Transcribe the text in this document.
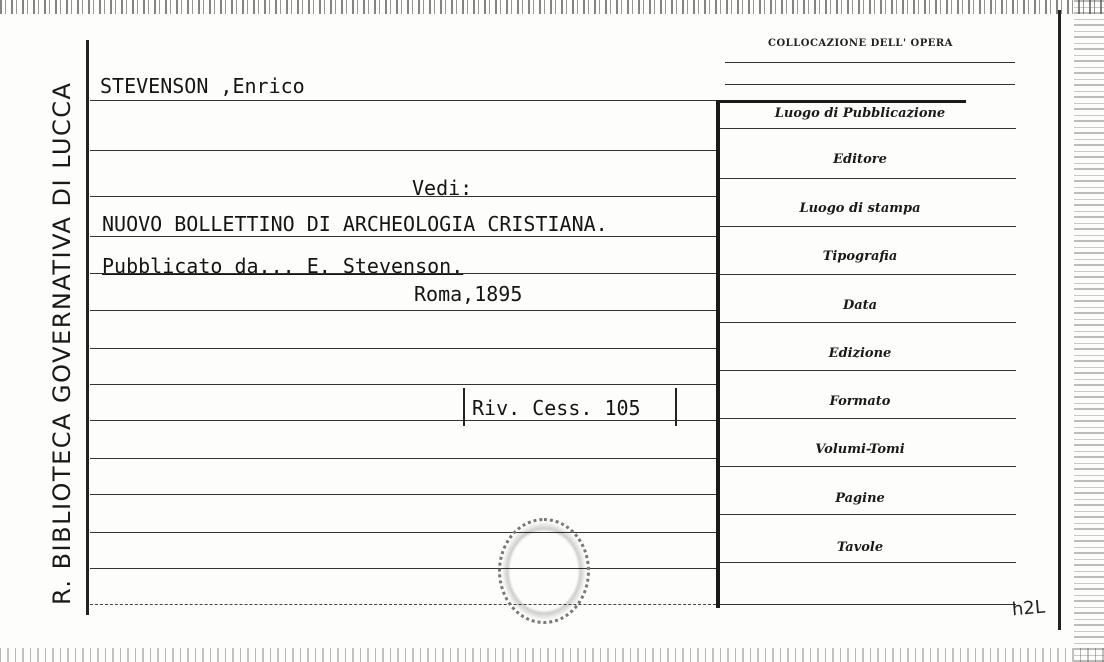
R. BIBLIOTECA GOVERNATIVA DI LUCCA
COLLOCAZIONE DELL' OPERA
Luogo di Pubblicazione
Editore
Luogo di stampa
Tipografia
Data
Edizione
Formato
Volumi-Tomi
Pagine
Tavole
STEVENSON ,Enrico
Vedi:
NUOVO BOLLETTINO DI ARCHEOLOGIA CRISTIANA.
Pubblicato da... E. Stevenson.
Roma,1895
Riv. Cess. 105
h2L
